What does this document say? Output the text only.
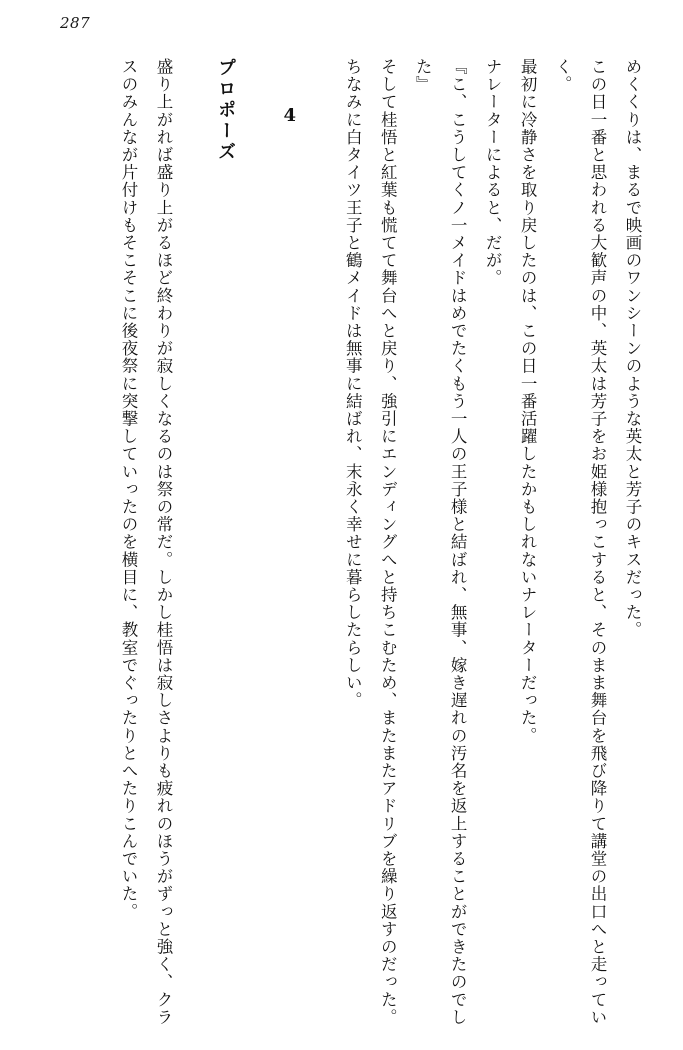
287

めくくりは、まるで映画のワンシーンのような英太と芳子のキスだった。

この日一番と思われる大歓声の中、英太は芳子をお姫様抱っこすると、そのまま舞台を飛び降りて講堂の出口へと走っていく。

最初に冷静さを取り戻したのは、この日一番活躍したかもしれないナレーターだった。

ナレーターによると、だが。

『こ、こうしてくノ一メイドはめでたくもう一人の王子様と結ばれ、無事、嫁き遅れの汚名を返上することができたのでした』

そして桂悟と紅葉も慌てて舞台へと戻り、強引にエンディングへと持ちこむため、またまたアドリブを繰り返すのだった。

ちなみに白タイツ王子と鶴メイドは無事に結ばれ、末永く幸せに暮らしたらしい。

4
プロポーズ

盛り上がれば盛り上がるほど終わりが寂しくなるのは祭の常だ。しかし桂悟は寂しさよりも疲れのほうがずっと強く、クラスのみんなが片付けもそこそこに後夜祭に突撃していったのを横目に、教室でぐったりとへたりこんでいた。
